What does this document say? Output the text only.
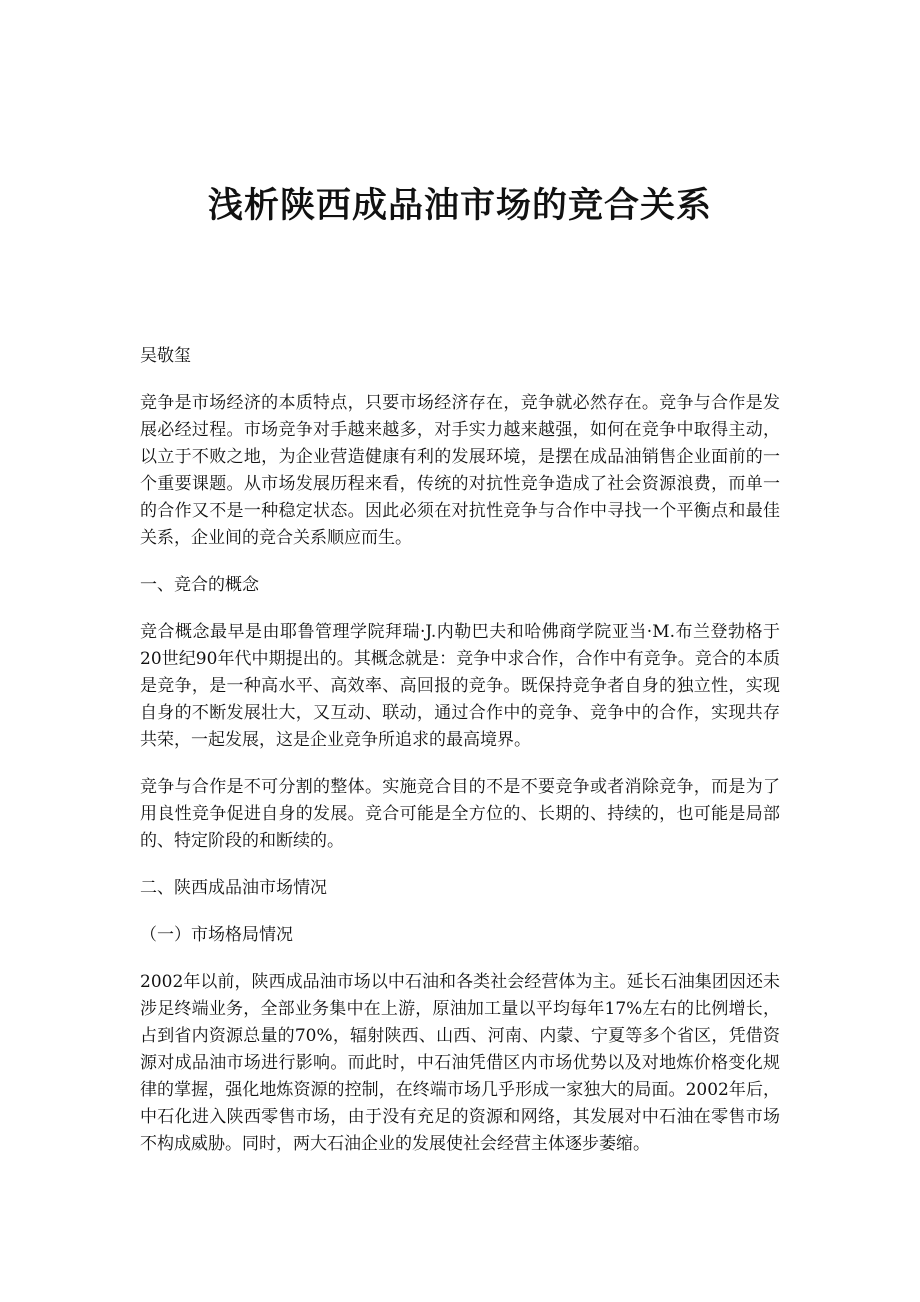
浅析陕西成品油市场的竞合关系

吴敬玺

竞争是市场经济的本质特点，只要市场经济存在，竞争就必然存在。竞争与合作是发展必经过程。市场竞争对手越来越多，对手实力越来越强，如何在竞争中取得主动，以立于不败之地，为企业营造健康有利的发展环境，是摆在成品油销售企业面前的一个重要课题。从市场发展历程来看，传统的对抗性竞争造成了社会资源浪费，而单一的合作又不是一种稳定状态。因此必须在对抗性竞争与合作中寻找一个平衡点和最佳关系，企业间的竞合关系顺应而生。

一、竞合的概念

竞合概念最早是由耶鲁管理学院拜瑞·J.内勒巴夫和哈佛商学院亚当·M.布兰登勃格于20世纪90年代中期提出的。其概念就是：竞争中求合作，合作中有竞争。竞合的本质是竞争，是一种高水平、高效率、高回报的竞争。既保持竞争者自身的独立性，实现自身的不断发展壮大，又互动、联动，通过合作中的竞争、竞争中的合作，实现共存共荣，一起发展，这是企业竞争所追求的最高境界。

竞争与合作是不可分割的整体。实施竞合目的不是不要竞争或者消除竞争，而是为了用良性竞争促进自身的发展。竞合可能是全方位的、长期的、持续的，也可能是局部的、特定阶段的和断续的。

二、陕西成品油市场情况

（一）市场格局情况

2002年以前，陕西成品油市场以中石油和各类社会经营体为主。延长石油集团因还未涉足终端业务，全部业务集中在上游，原油加工量以平均每年17%左右的比例增长，占到省内资源总量的70%，辐射陕西、山西、河南、内蒙、宁夏等多个省区，凭借资源对成品油市场进行影响。而此时，中石油凭借区内市场优势以及对地炼价格变化规律的掌握，强化地炼资源的控制，在终端市场几乎形成一家独大的局面。2002年后，中石化进入陕西零售市场，由于没有充足的资源和网络，其发展对中石油在零售市场不构成威胁。同时，两大石油企业的发展使社会经营主体逐步萎缩。
